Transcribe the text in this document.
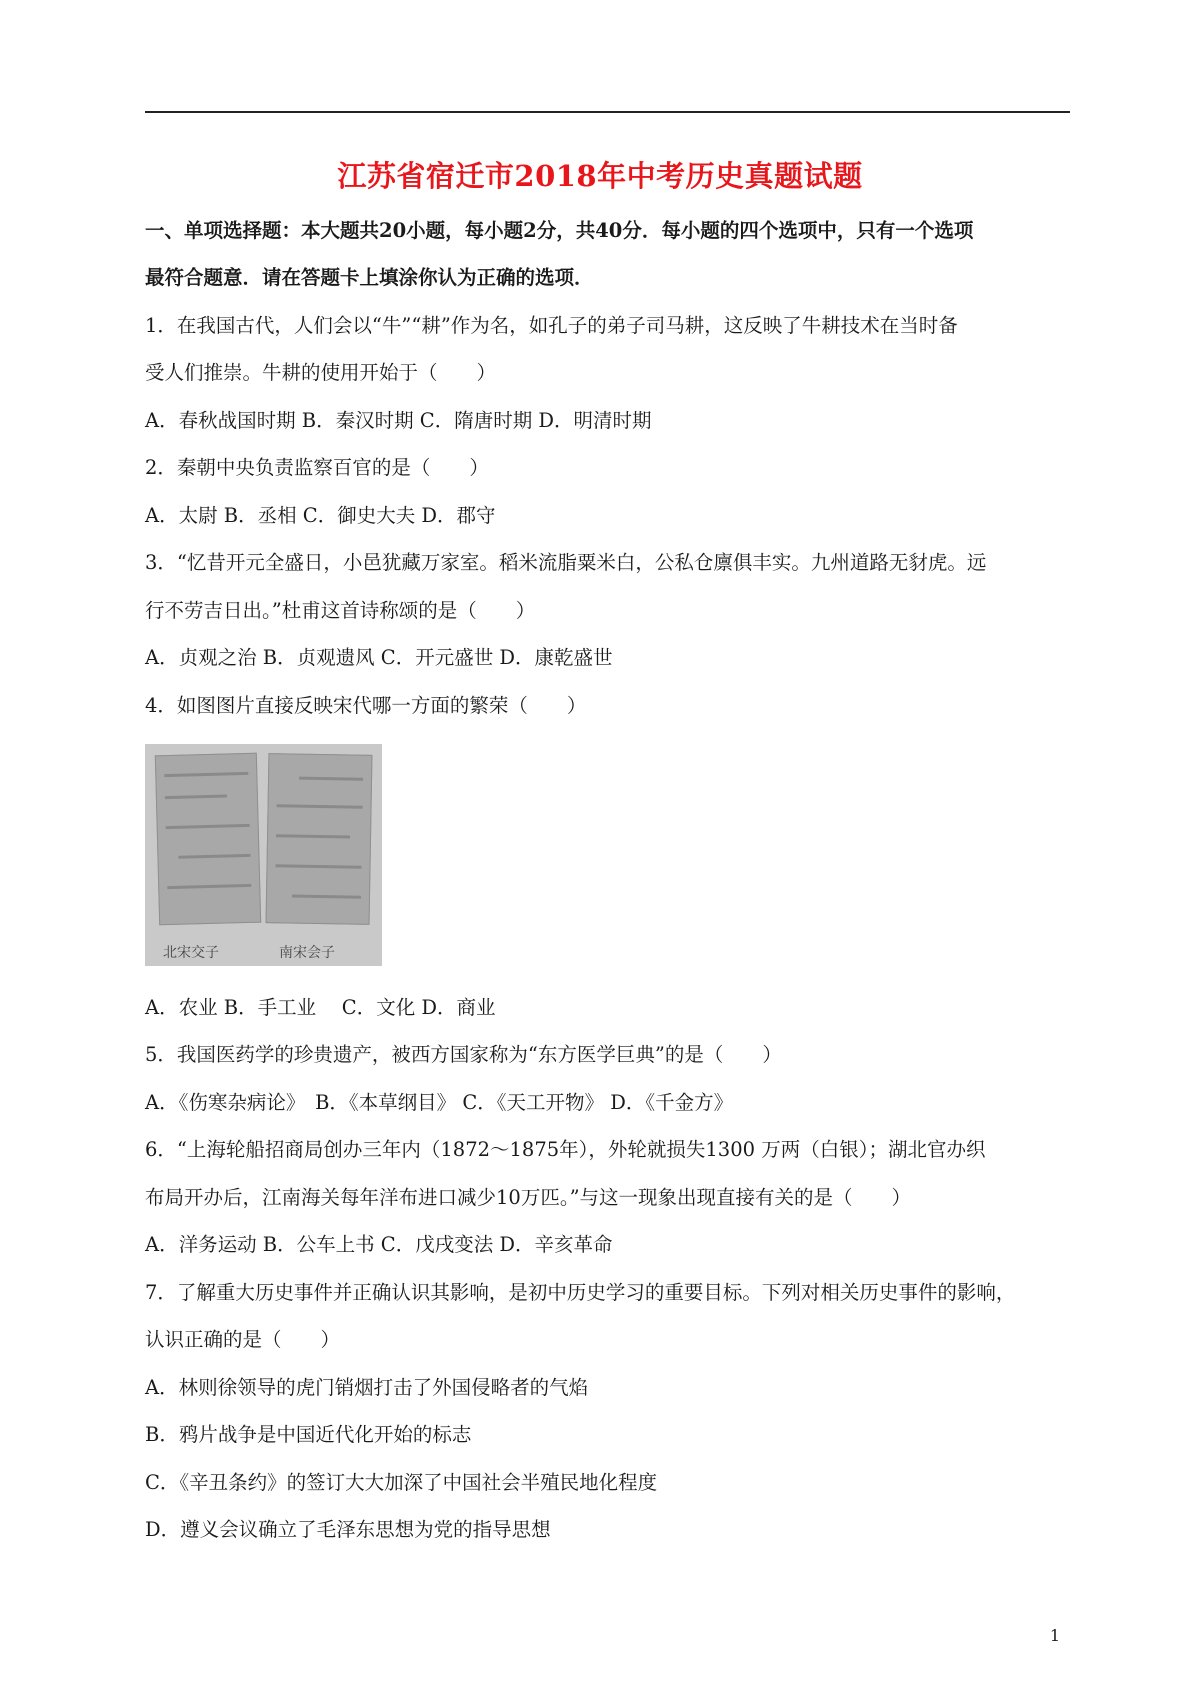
江苏省宿迁市2018年中考历史真题试题
一、单项选择题：本大题共20小题，每小题2分，共40分．每小题的四个选项中，只有一个选项
最符合题意．请在答题卡上填涂你认为正确的选项．
1．在我国古代，人们会以“牛”“耕”作为名，如孔子的弟子司马耕，这反映了牛耕技术在当时备
受人们推崇。牛耕的使用开始于（　　）
A．春秋战国时期 B．秦汉时期 C．隋唐时期 D．明清时期
2．秦朝中央负责监察百官的是（　　）
A．太尉 B．丞相 C．御史大夫 D．郡守
3．“忆昔开元全盛日，小邑犹藏万家室。稻米流脂粟米白，公私仓廪俱丰实。九州道路无豺虎。远
行不劳吉日出。”杜甫这首诗称颂的是（　　）
A．贞观之治 B．贞观遗风 C．开元盛世 D．康乾盛世
4．如图图片直接反映宋代哪一方面的繁荣（　　）
北宋交子	南宋会子
A．农业 B．手工业　 C．文化 D．商业
5．我国医药学的珍贵遗产，被西方国家称为“东方医学巨典”的是（　　）
A．《伤寒杂病论》　B．《本草纲目》 C．《天工开物》 D．《千金方》
6．“上海轮船招商局创办三年内（1872～1875年），外轮就损失1300 万两（白银）；湖北官办织
布局开办后，江南海关每年洋布进口减少10万匹。”与这一现象出现直接有关的是（　　）
A．洋务运动 B．公车上书 C．戊戌变法 D．辛亥革命
7．了解重大历史事件并正确认识其影响，是初中历史学习的重要目标。下列对相关历史事件的影响，
认识正确的是（　　）
A．林则徐领导的虎门销烟打击了外国侵略者的气焰
B．鸦片战争是中国近代化开始的标志
C．《辛丑条约》的签订大大加深了中国社会半殖民地化程度
D．遵义会议确立了毛泽东思想为党的指导思想
1
